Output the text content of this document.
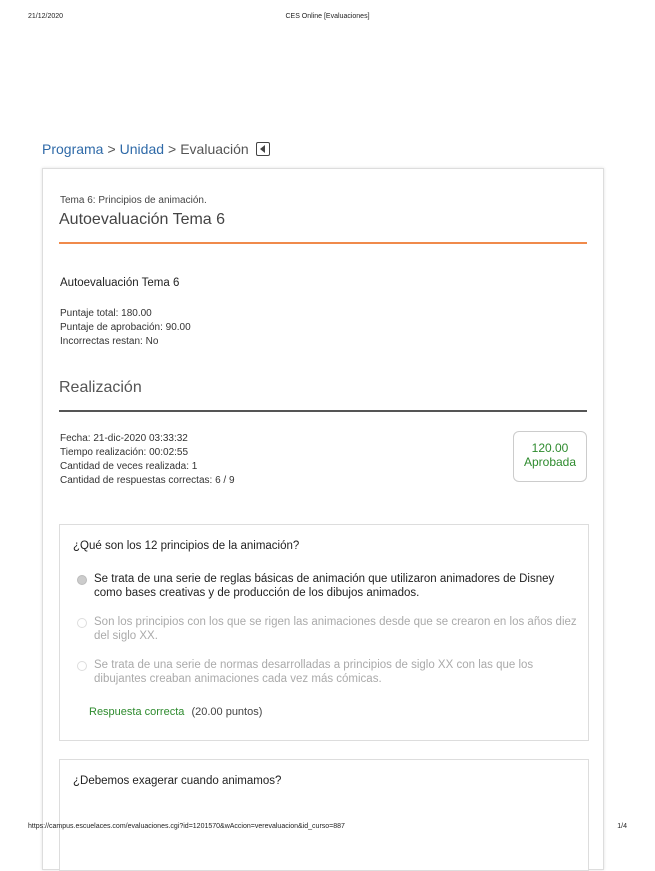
21/12/2020	CES Online [Evaluaciones]
Programa > Unidad > Evaluación
Tema 6: Principios de animación.
Autoevaluación Tema 6
Autoevaluación Tema 6
Puntaje total: 180.00
Puntaje de aprobación: 90.00
Incorrectas restan: No
Realización
Fecha: 21-dic-2020 03:33:32
Tiempo realización: 00:02:55
Cantidad de veces realizada: 1
Cantidad de respuestas correctas: 6 / 9
120.00
Aprobada
¿Qué son los 12 principios de la animación?
Se trata de una serie de reglas básicas de animación que utilizaron animadores de Disney como bases creativas y de producción de los dibujos animados.
Son los principios con los que se rigen las animaciones desde que se crearon en los años diez del siglo XX.
Se trata de una serie de normas desarrolladas a principios de siglo XX con las que los dibujantes creaban animaciones cada vez más cómicas.
Respuesta correcta (20.00 puntos)
¿Debemos exagerar cuando animamos?
https://campus.escuelaces.com/evaluaciones.cgi?id=1201570&wAccion=verevaluacion&id_curso=887	1/4
